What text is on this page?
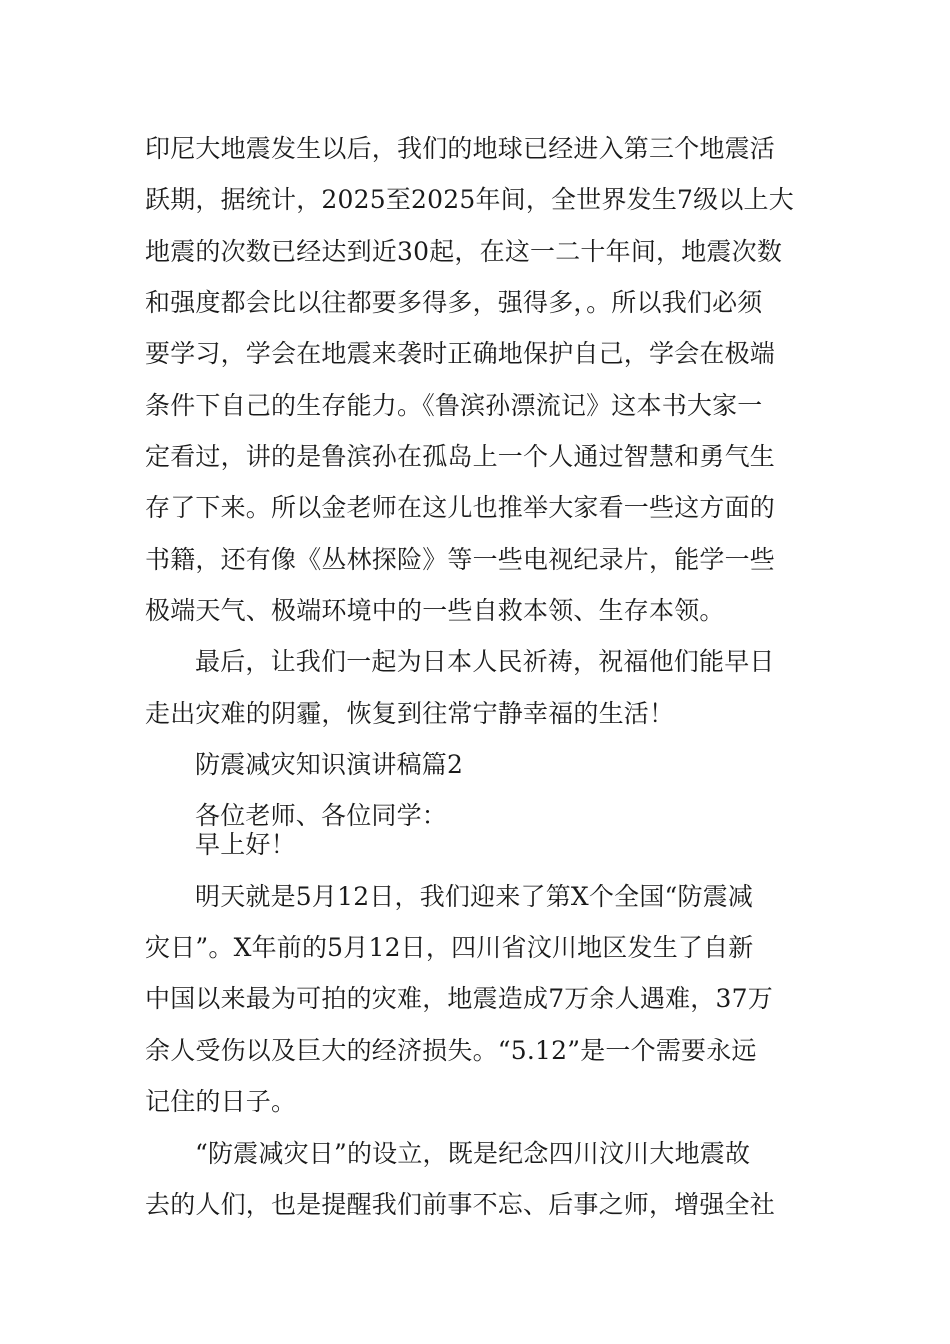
印尼大地震发生以后，我们的地球已经进入第三个地震活
跃期，据统计，2025至2025年间，全世界发生7级以上大
地震的次数已经达到近30起，在这一二十年间，地震次数
和强度都会比以往都要多得多，强得多，。所以我们必须
要学习，学会在地震来袭时正确地保护自己，学会在极端
条件下自己的生存能力。《鲁滨孙漂流记》这本书大家一
定看过，讲的是鲁滨孙在孤岛上一个人通过智慧和勇气生
存了下来。所以金老师在这儿也推举大家看一些这方面的
书籍，还有像《丛林探险》等一些电视纪录片，能学一些
极端天气、极端环境中的一些自救本领、生存本领。
最后，让我们一起为日本人民祈祷，祝福他们能早日
走出灾难的阴霾，恢复到往常宁静幸福的生活！
防震减灾知识演讲稿篇2
各位老师、各位同学：
早上好！
明天就是5月12日，我们迎来了第X个全国“防震减
灾日”。X年前的5月12日，四川省汶川地区发生了自新
中国以来最为可拍的灾难，地震造成7万余人遇难，37万
余人受伤以及巨大的经济损失。“5.12”是一个需要永远
记住的日子。
“防震减灾日”的设立，既是纪念四川汶川大地震故
去的人们，也是提醒我们前事不忘、后事之师，增强全社
